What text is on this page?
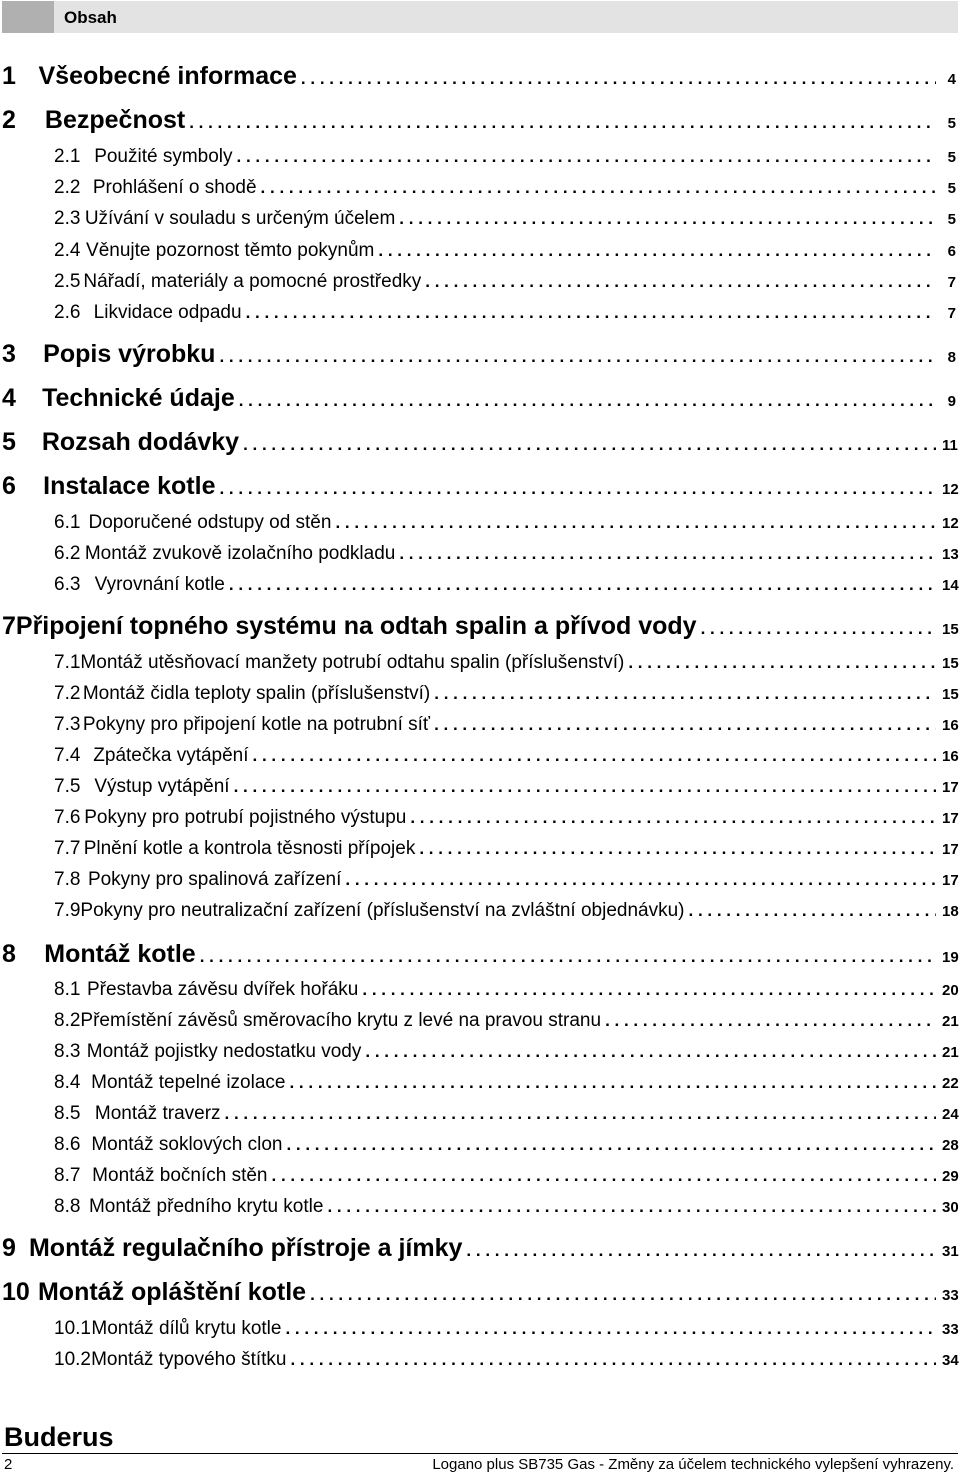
Obsah
1 Všeobecné informace . . .	4
2	Bezpečnost . . .	5
2.1 Použité symboly . . .	5
2.2 Prohlášení o shodě . . .	5
2.3 Užívání v souladu s určeným účelem . . .	5
2.4 Věnujte pozornost těmto pokynům . . .	6
2.5 Nářadí, materiály a pomocné prostředky . . .	7
2.6 Likvidace odpadu . . .	7
3	Popis výrobku . . .	8
4	Technické údaje . . .	9
5	Rozsah dodávky . . .	11
6	Instalace kotle . . .	12
6.1 Doporučené odstupy od stěn . . .	12
6.2 Montáž zvukově izolačního podkladu . . .	13
6.3 Vyrovnání kotle . . .	14
7 Připojení topného systému na odtah spalin a přívod vody . . .	15
7.1 Montáž utěsňovací manžety potrubí odtahu spalin (příslušenství) . . .	15
7.2 Montáž čidla teploty spalin (příslušenství) . . .	15
7.3 Pokyny pro připojení kotle na potrubní síť . . .	16
7.4 Zpátečka vytápění . . .	16
7.5 Výstup vytápění . . .	17
7.6 Pokyny pro potrubí pojistného výstupu . . .	17
7.7 Plnění kotle a kontrola těsnosti přípojek . . .	17
7.8 Pokyny pro spalinová zařízení . . .	17
7.9 Pokyny pro neutralizační zařízení (příslušenství na zvláštní objednávku) . . .	18
8	Montáž kotle . . .	19
8.1 Přestavba závěsu dvířek hořáku . . .	20
8.2 Přemístění závěsů směrovacího krytu z levé na pravou stranu . . .	21
8.3 Montáž pojistky nedostatku vody . . .	21
8.4 Montáž tepelné izolace . . .	22
8.5 Montáž traverz . . .	24
8.6 Montáž soklových clon . . .	28
8.7 Montáž bočních stěn . . .	29
8.8 Montáž předního krytu kotle . . .	30
9 Montáž regulačního přístroje a jímky . . .	31
10 Montáž opláštění kotle . . .	33
10.1 Montáž dílů krytu kotle . . .	33
10.2 Montáž typového štítku . . .	34
Buderus
2	Logano plus SB735 Gas - Změny za účelem technického vylepšení vyhrazeny.
